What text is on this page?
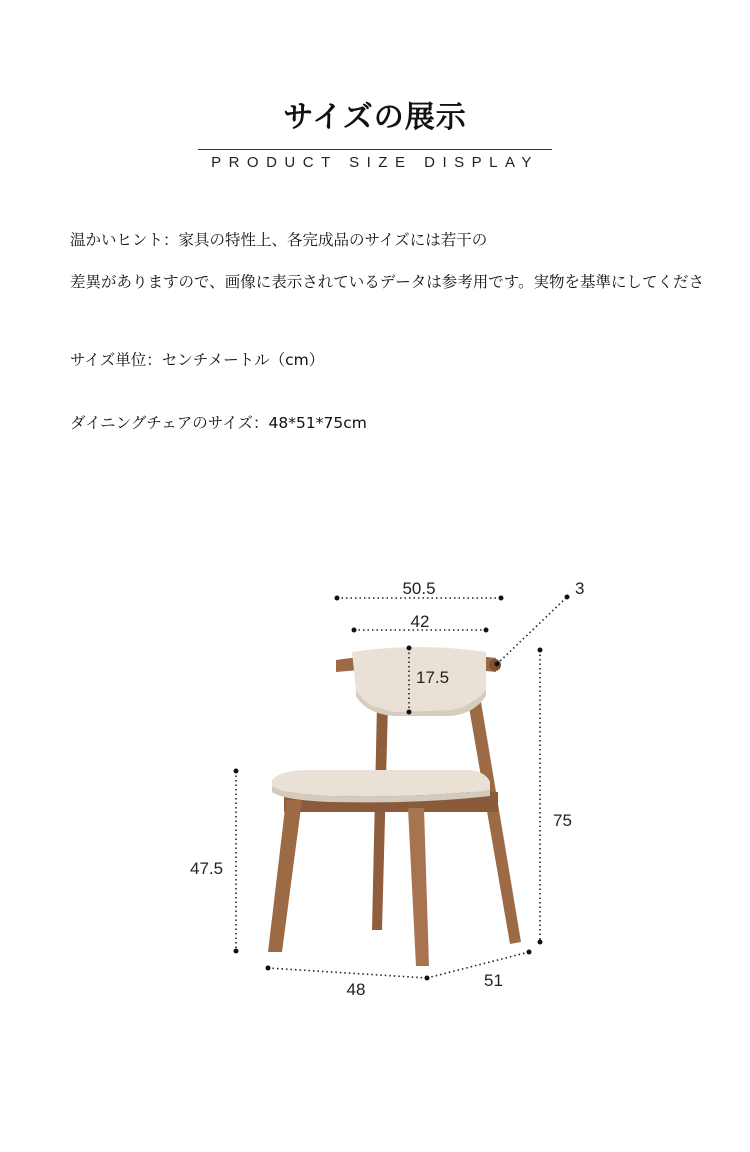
サイズの展示
PRODUCT SIZE DISPLAY
温かいヒント：家具の特性上、各完成品のサイズには若干の
差異がありますので、画像に表示されているデータは参考用です。実物を基準にしてくださ
サイズ単位：センチメートル（cm）
ダイニングチェアのサイズ：48*51*75cm
50.5
42
17.5
3
75
47.5
48	51
